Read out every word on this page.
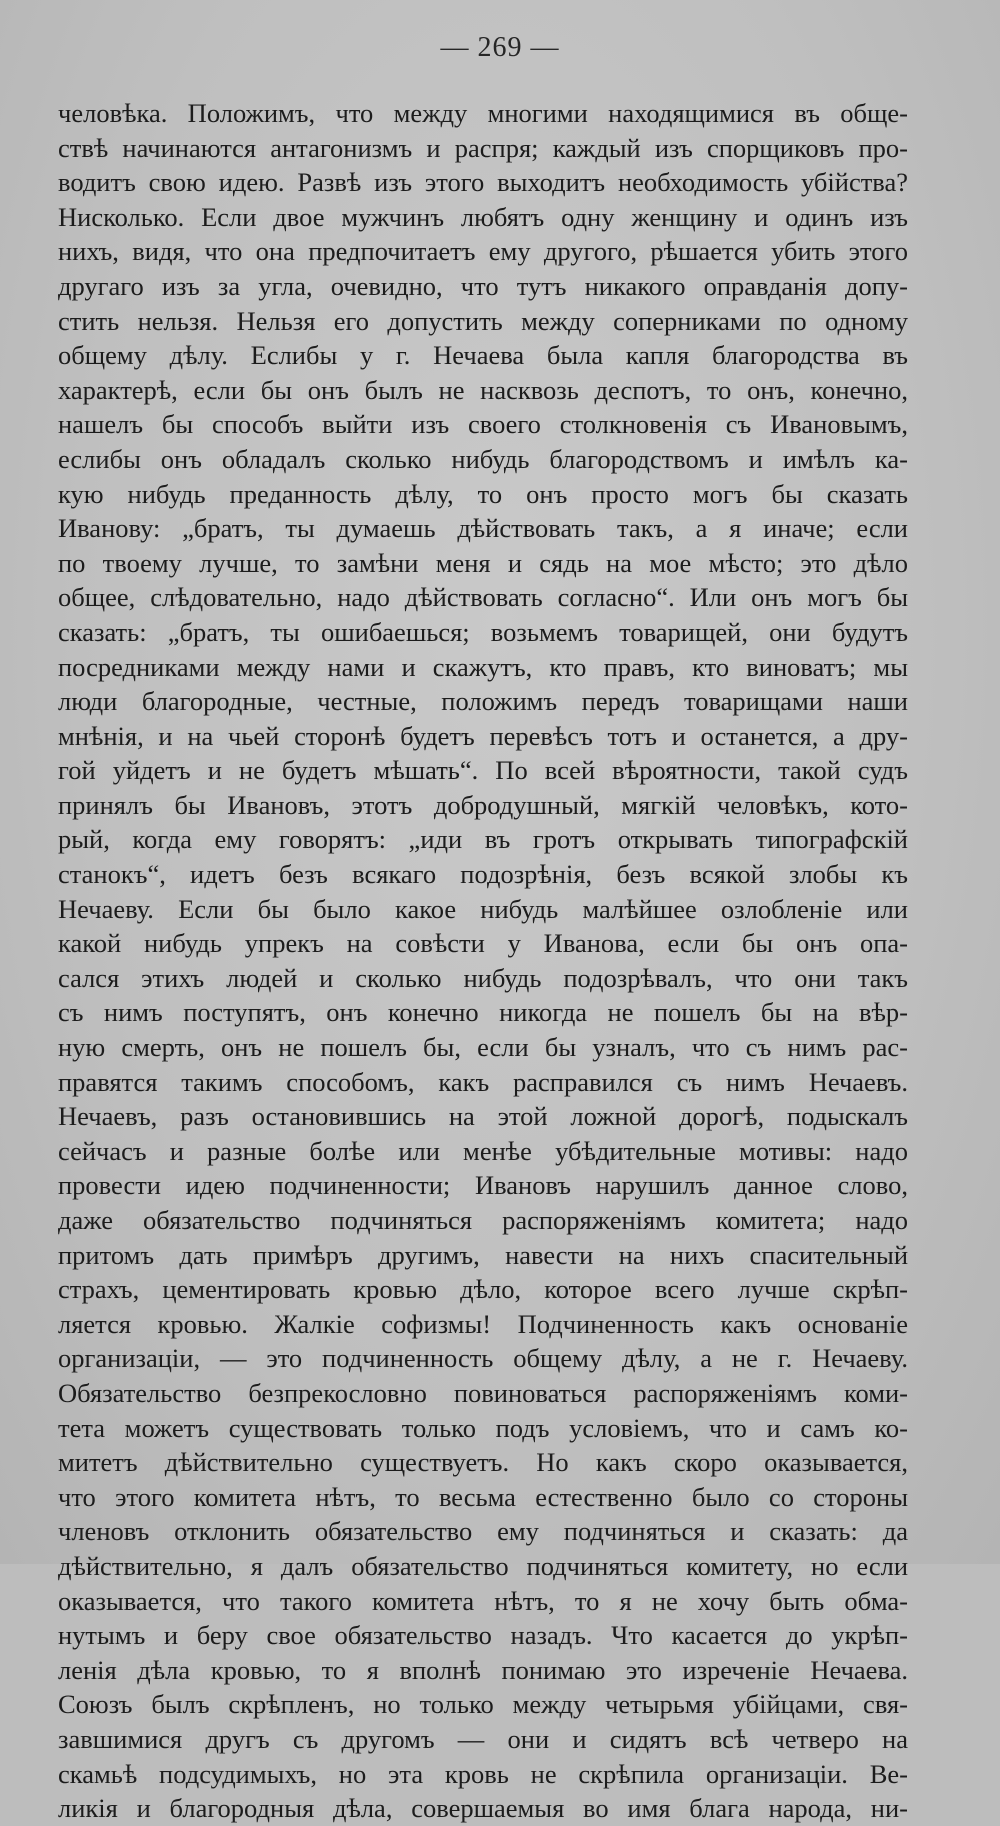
— 269 —
человѣка. Положимъ, что между многими находящимися въ обще-
ствѣ начинаются антагонизмъ и распря; каждый изъ спорщиковъ про-
водитъ свою идею. Развѣ изъ этого выходитъ необходимость убійства?
Нисколько. Если двое мужчинъ любятъ одну женщину и одинъ изъ
нихъ, видя, что она предпочитаетъ ему другого, рѣшается убить этого
другаго изъ за угла, очевидно, что тутъ никакого оправданія допу-
стить нельзя. Нельзя его допустить между соперниками по одному
общему дѣлу. Еслибы у г. Нечаева была капля благородства въ
характерѣ, если бы онъ былъ не насквозь деспотъ, то онъ, конечно,
нашелъ бы способъ выйти изъ своего столкновенія съ Ивановымъ,
еслибы онъ обладалъ сколько нибудь благородствомъ и имѣлъ ка-
кую нибудь преданность дѣлу, то онъ просто могъ бы сказать
Иванову: „братъ, ты думаешь дѣйствовать такъ, а я иначе; если
по твоему лучше, то замѣни меня и сядь на мое мѣсто; это дѣло
общее, слѣдовательно, надо дѣйствовать согласно“. Или онъ могъ бы
сказать: „братъ, ты ошибаешься; возьмемъ товарищей, они будутъ
посредниками между нами и скажутъ, кто правъ, кто виноватъ; мы
люди благородные, честные, положимъ передъ товарищами наши
мнѣнія, и на чьей сторонѣ будетъ перевѣсъ тотъ и останется, а дру-
гой уйдетъ и не будетъ мѣшать“. По всей вѣроятности, такой судъ
принялъ бы Ивановъ, этотъ добродушный, мягкій человѣкъ, кото-
рый, когда ему говорятъ: „иди въ гротъ открывать типографскій
станокъ“, идетъ безъ всякаго подозрѣнія, безъ всякой злобы къ
Нечаеву. Если бы было какое нибудь малѣйшее озлобленіе или
какой нибудь упрекъ на совѣсти у Иванова, если бы онъ опа-
сался этихъ людей и сколько нибудь подозрѣвалъ, что они такъ
съ нимъ поступятъ, онъ конечно никогда не пошелъ бы на вѣр-
ную смерть, онъ не пошелъ бы, если бы узналъ, что съ нимъ рас-
правятся такимъ способомъ, какъ расправился съ нимъ Нечаевъ.
Нечаевъ, разъ остановившись на этой ложной дорогѣ, подыскалъ
сейчасъ и разные болѣе или менѣе убѣдительные мотивы: надо
провести идею подчиненности; Ивановъ нарушилъ данное слово,
даже обязательство подчиняться распоряженіямъ комитета; надо
притомъ дать примѣръ другимъ, навести на нихъ спасительный
страхъ, цементировать кровью дѣло, которое всего лучше скрѣп-
ляется кровью. Жалкіе софизмы! Подчиненность какъ основаніе
организаціи, — это подчиненность общему дѣлу, а не г. Нечаеву.
Обязательство безпрекословно повиноваться распоряженіямъ коми-
тета можетъ существовать только подъ условіемъ, что и самъ ко-
митетъ дѣйствительно существуетъ. Но какъ скоро оказывается,
что этого комитета нѣтъ, то весьма естественно было со стороны
членовъ отклонить обязательство ему подчиняться и сказать: да
дѣйствительно, я далъ обязательство подчиняться комитету, но если
оказывается, что такого комитета нѣтъ, то я не хочу быть обма-
нутымъ и беру свое обязательство назадъ. Что касается до укрѣп-
ленія дѣла кровью, то я вполнѣ понимаю это изреченіе Нечаева.
Союзъ былъ скрѣпленъ, но только между четырьмя убійцами, свя-
завшимися другъ съ другомъ — они и сидятъ всѣ четверо на
скамьѣ подсудимыхъ, но эта кровь не скрѣпила организаціи. Ве-
ликія и благородныя дѣла, совершаемыя во имя блага народа, ни-
